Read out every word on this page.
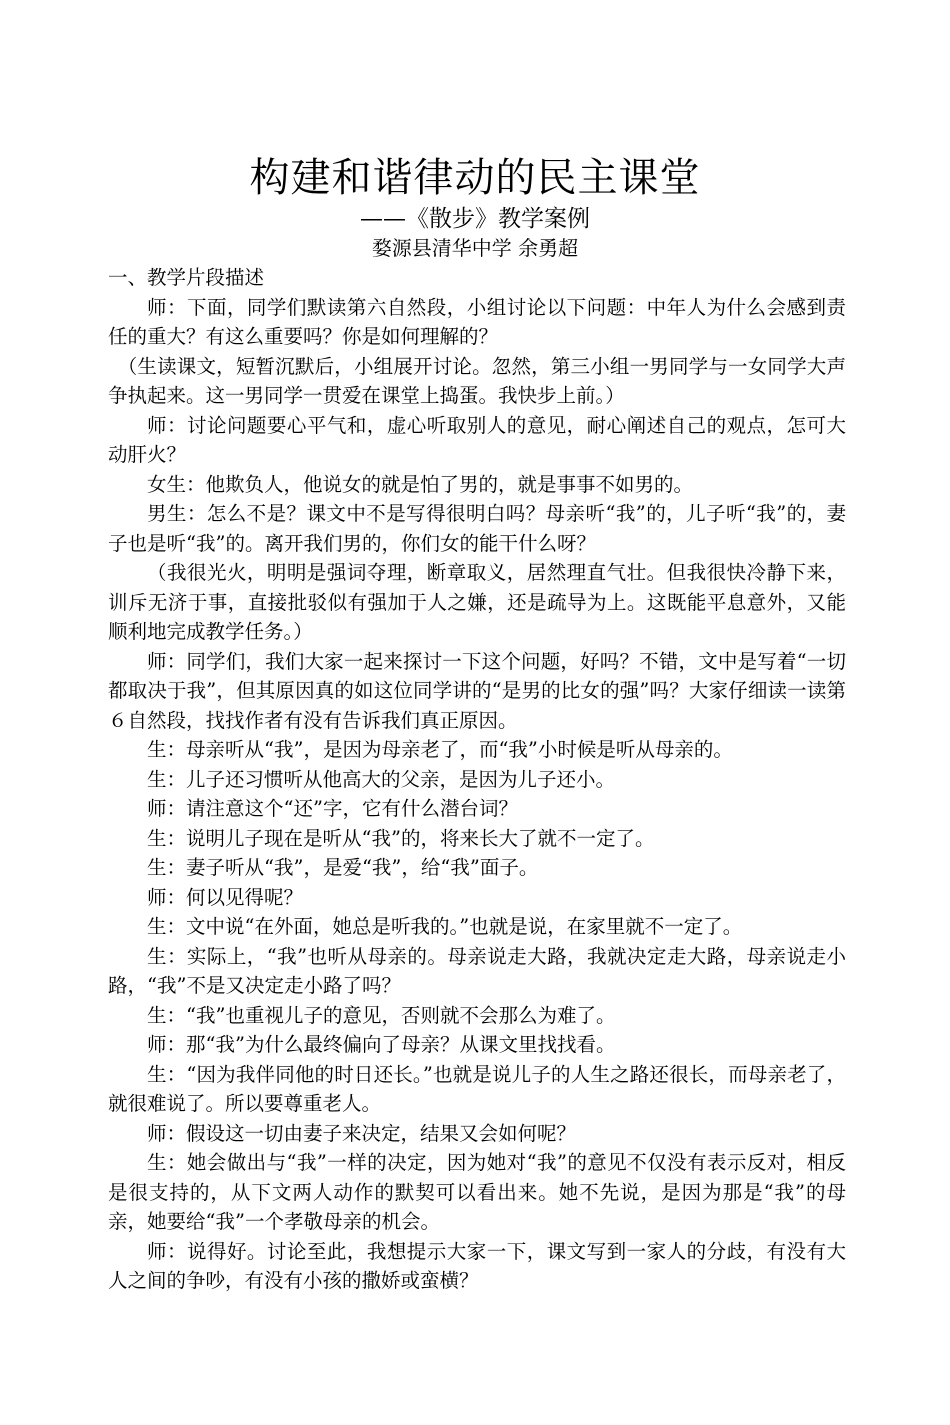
构建和谐律动的民主课堂
——《散步》教学案例
婺源县清华中学 余勇超

一、教学片段描述

师：下面，同学们默读第六自然段，小组讨论以下问题：中年人为什么会感到责任的重大？有这么重要吗？你是如何理解的？

（生读课文，短暂沉默后，小组展开讨论。忽然，第三小组一男同学与一女同学大声争执起来。这一男同学一贯爱在课堂上捣蛋。我快步上前。）

师：讨论问题要心平气和，虚心听取别人的意见，耐心阐述自己的观点，怎可大动肝火？

女生：他欺负人，他说女的就是怕了男的，就是事事不如男的。

男生：怎么不是？课文中不是写得很明白吗？母亲听“我”的，儿子听“我”的，妻子也是听“我”的。离开我们男的，你们女的能干什么呀？

（我很光火，明明是强词夺理，断章取义，居然理直气壮。但我很快冷静下来，训斥无济于事，直接批驳似有强加于人之嫌，还是疏导为上。这既能平息意外，又能顺利地完成教学任务。）

师：同学们，我们大家一起来探讨一下这个问题，好吗？不错，文中是写着“一切都取决于我”，但其原因真的如这位同学讲的“是男的比女的强”吗？大家仔细读一读第６自然段，找找作者有没有告诉我们真正原因。

生：母亲听从“我”，是因为母亲老了，而“我”小时候是听从母亲的。

生：儿子还习惯听从他高大的父亲，是因为儿子还小。

师：请注意这个“还”字，它有什么潜台词？

生：说明儿子现在是听从“我”的，将来长大了就不一定了。

生：妻子听从“我”，是爱“我”，给“我”面子。

师：何以见得呢？

生：文中说“在外面，她总是听我的。”也就是说，在家里就不一定了。

生：实际上，“我”也听从母亲的。母亲说走大路，我就决定走大路，母亲说走小路，“我”不是又决定走小路了吗？

生：“我”也重视儿子的意见，否则就不会那么为难了。

师：那“我”为什么最终偏向了母亲？从课文里找找看。

生：“因为我伴同他的时日还长。”也就是说儿子的人生之路还很长，而母亲老了，就很难说了。所以要尊重老人。

师：假设这一切由妻子来决定，结果又会如何呢？

生：她会做出与“我”一样的决定，因为她对“我”的意见不仅没有表示反对，相反是很支持的，从下文两人动作的默契可以看出来。她不先说，是因为那是“我”的母亲，她要给“我”一个孝敬母亲的机会。

师：说得好。讨论至此，我想提示大家一下，课文写到一家人的分歧，有没有大人之间的争吵，有没有小孩的撒娇或蛮横？
